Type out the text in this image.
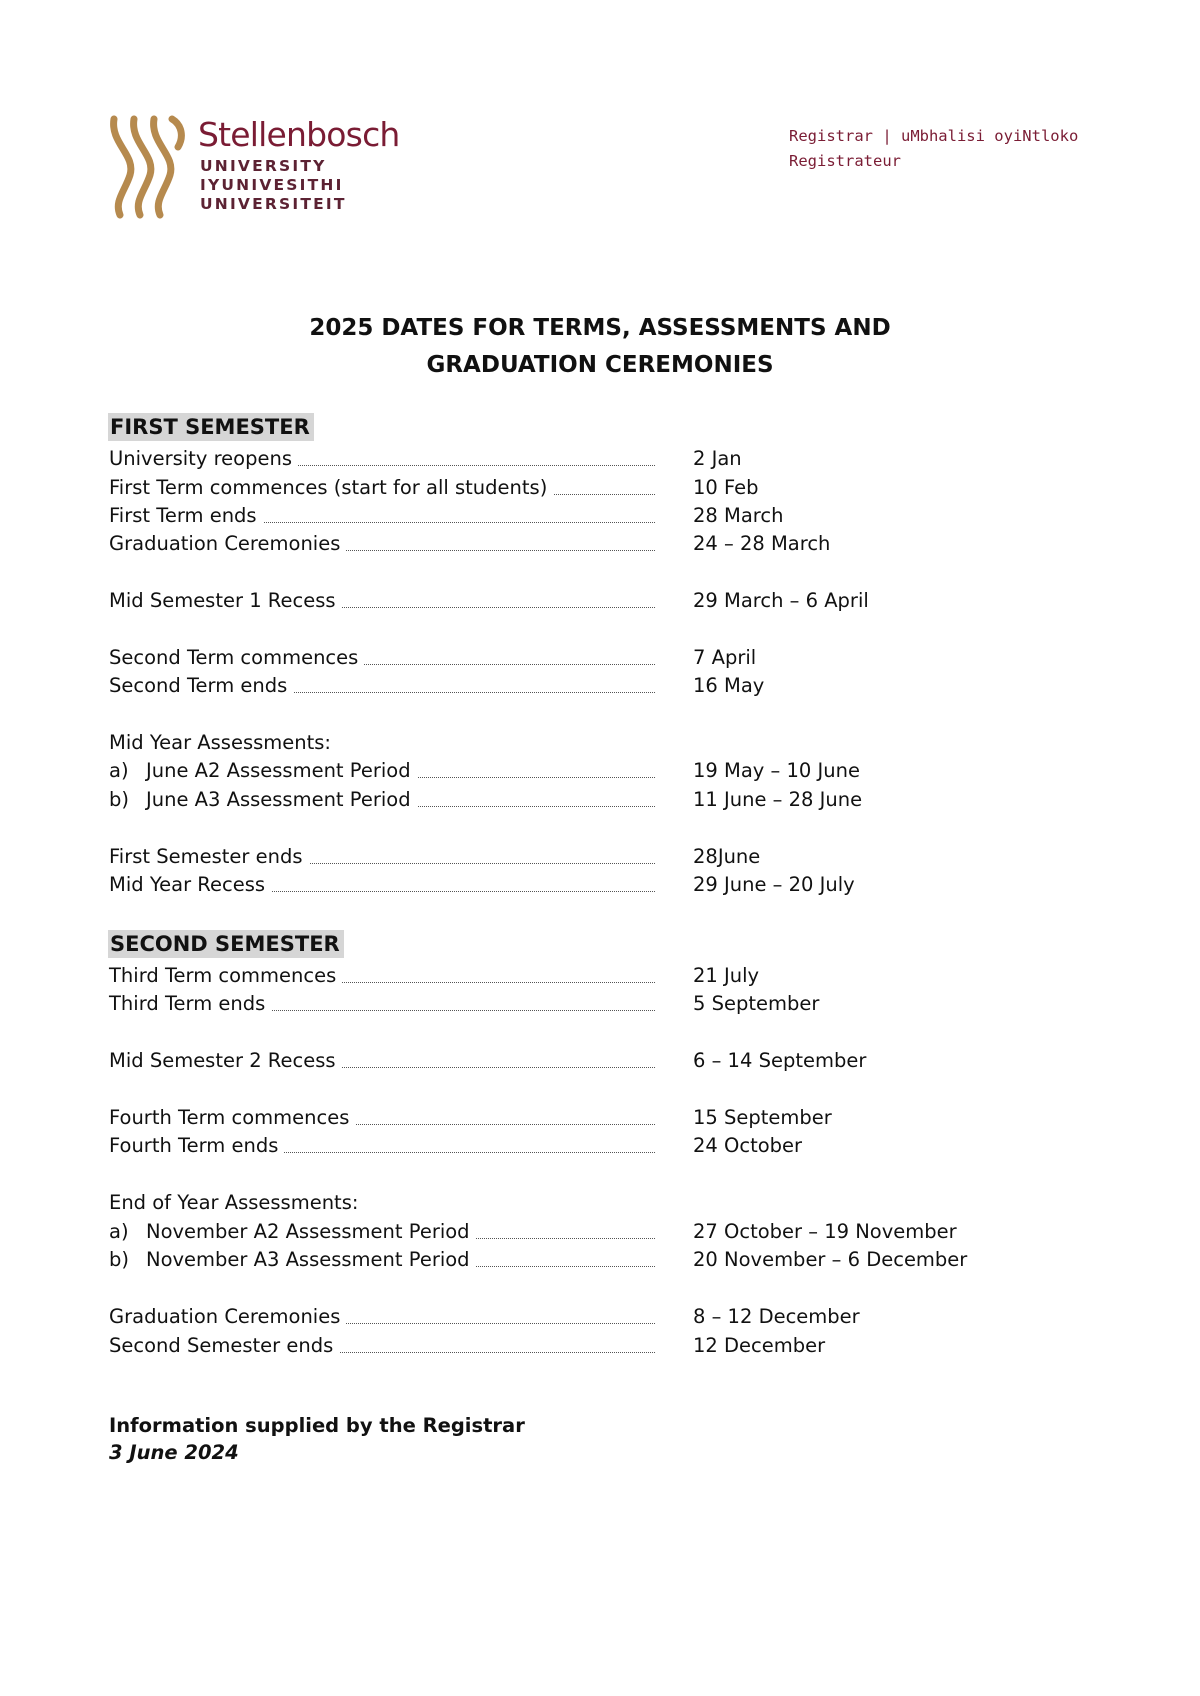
Stellenbosch
UNIVERSITY
IYUNIVESITHI
UNIVERSITEIT
Registrar | uMbhalisi oyiNtloko
Registrateur
2025 DATES FOR TERMS, ASSESSMENTS AND
GRADUATION CEREMONIES
FIRST SEMESTER
University reopens	2 Jan
First Term commences (start for all students)	10 Feb
First Term ends	28 March
Graduation Ceremonies	24 – 28 March
Mid Semester 1 Recess	29 March – 6 April
Second Term commences	7 April
Second Term ends	16 May
Mid Year Assessments:
a) June A2 Assessment Period	19 May – 10 June
b) June A3 Assessment Period	11 June – 28 June
First Semester ends	28June
Mid Year Recess	29 June – 20 July
SECOND SEMESTER
Third Term commences	21 July
Third Term ends	5 September
Mid Semester 2 Recess	6 – 14 September
Fourth Term commences	15 September
Fourth Term ends	24 October
End of Year Assessments:
a) November A2 Assessment Period	27 October – 19 November
b) November A3 Assessment Period	20 November – 6 December
Graduation Ceremonies	8 – 12 December
Second Semester ends	12 December
Information supplied by the Registrar
3 June 2024
